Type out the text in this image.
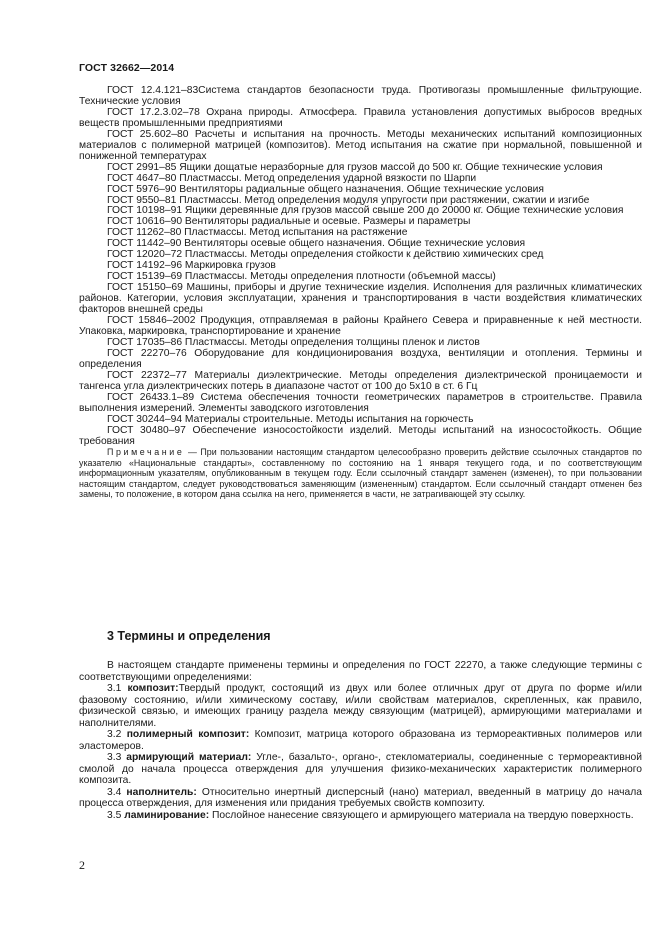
ГОСТ 32662—2014

ГОСТ 12.4.121–83Система стандартов безопасности труда. Противогазы промышленные фильтрующие. Технические условия

ГОСТ 17.2.3.02–78 Охрана природы. Атмосфера. Правила установления допустимых выбросов вредных веществ промышленными предприятиями

ГОСТ 25.602–80 Расчеты и испытания на прочность. Методы механических испытаний композиционных материалов с полимерной матрицей (композитов). Метод испытания на сжатие при нормальной, повышенной и пониженной температурах

ГОСТ 2991–85 Ящики дощатые неразборные для грузов массой до 500 кг. Общие технические условия

ГОСТ 4647–80 Пластмассы. Метод определения ударной вязкости по Шарпи

ГОСТ 5976–90 Вентиляторы радиальные общего назначения. Общие технические условия

ГОСТ 9550–81 Пластмассы. Метод определения модуля упругости при растяжении, сжатии и изгибе

ГОСТ 10198–91 Ящики деревянные для грузов массой свыше 200 до 20000 кг. Общие технические условия

ГОСТ 10616–90 Вентиляторы радиальные и осевые. Размеры и параметры

ГОСТ 11262–80 Пластмассы. Метод испытания на растяжение

ГОСТ 11442–90 Вентиляторы осевые общего назначения. Общие технические условия

ГОСТ 12020–72 Пластмассы. Методы определения стойкости к действию химических сред

ГОСТ 14192–96 Маркировка грузов

ГОСТ 15139–69 Пластмассы. Методы определения плотности (объемной массы)

ГОСТ 15150–69 Машины, приборы и другие технические изделия. Исполнения для различных климатических районов. Категории, условия эксплуатации, хранения и транспортирования в части воздействия климатических факторов внешней среды

ГОСТ 15846–2002 Продукция, отправляемая в районы Крайнего Севера и приравненные к ней местности. Упаковка, маркировка, транспортирование и хранение

ГОСТ 17035–86 Пластмассы. Методы определения толщины пленок и листов

ГОСТ 22270–76 Оборудование для кондиционирования воздуха, вентиляции и отопления. Термины и определения

ГОСТ 22372–77 Материалы диэлектрические. Методы определения диэлектрической проницаемости и тангенса угла диэлектрических потерь в диапазоне частот от 100 до 5х10 в ст. 6 Гц

ГОСТ 26433.1–89 Система обеспечения точности геометрических параметров в строительстве. Правила выполнения измерений. Элементы заводского изготовления

ГОСТ 30244–94 Материалы строительные. Методы испытания на горючесть

ГОСТ 30480–97 Обеспечение износостойкости изделий. Методы испытаний на износостойкость. Общие требования

Примечание — При пользовании настоящим стандартом целесообразно проверить действие ссылочных стандартов по указателю «Национальные стандарты», составленному по состоянию на 1 января текущего года, и по соответствующим информационным указателям, опубликованным в текущем году. Если ссылочный стандарт заменен (изменен), то при пользовании настоящим стандартом, следует руководствоваться заменяющим (измененным) стандартом. Если ссылочный стандарт отменен без замены, то положение, в котором дана ссылка на него, применяется в части, не затрагивающей эту ссылку.

3 Термины и определения

В настоящем стандарте применены термины и определения по ГОСТ 22270, а также следующие термины с соответствующими определениями:

3.1 композит:Твердый продукт, состоящий из двух или более отличных друг от друга по форме и/или фазовому состоянию, и/или химическому составу, и/или свойствам материалов, скрепленных, как правило, физической связью, и имеющих границу раздела между связующим (матрицей), армирующими материалами и наполнителями.

3.2 полимерный композит: Композит, матрица которого образована из термореактивных полимеров или эластомеров.

3.3 армирующий материал: Угле-, базальто-, органо-, стекломатериалы, соединенные с термореактивной смолой до начала процесса отверждения для улучшения физико-механических характеристик полимерного композита.

3.4 наполнитель: Относительно инертный дисперсный (нано) материал, введенный в матрицу до начала процесса отверждения, для изменения или придания требуемых свойств композиту.

3.5 ламинирование: Послойное нанесение связующего и армирующего материала на твердую поверхность.

2
